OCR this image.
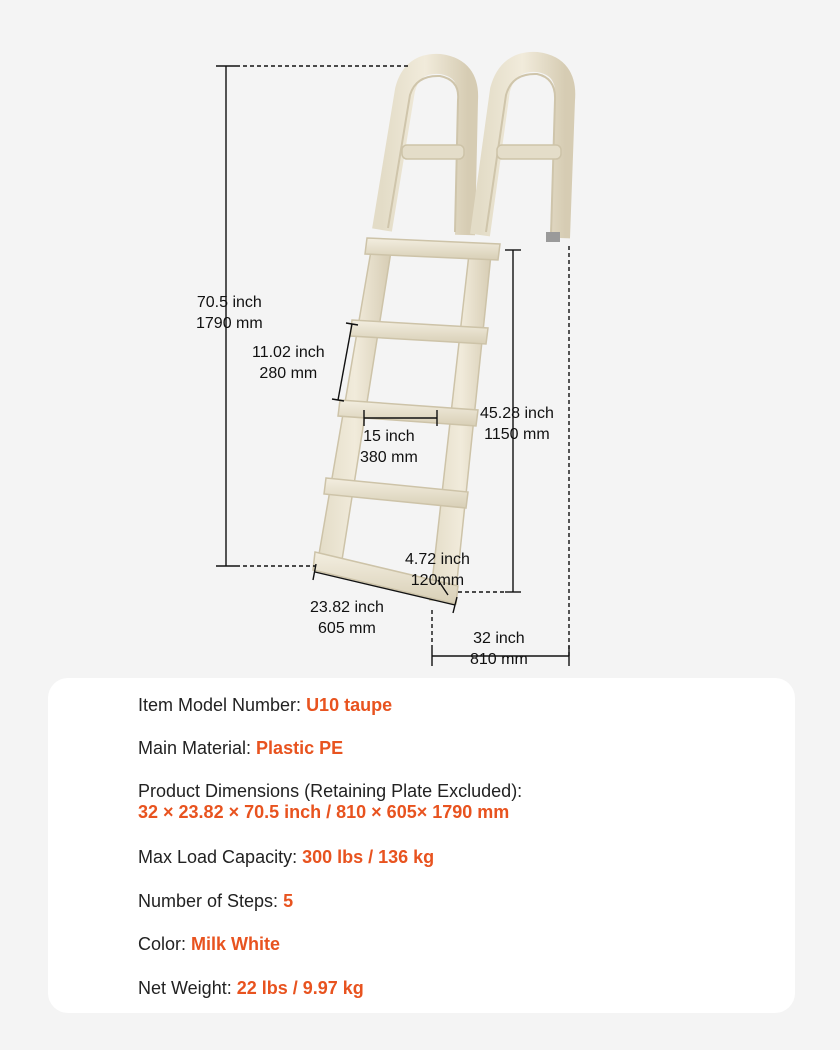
70.5 inch
1790 mm
11.02 inch
280 mm
15 inch
380 mm
45.28 inch
1150 mm
4.72 inch
120mm
23.82 inch
605 mm
32 inch
810 mm
Item Model Number: U10 taupe
Main Material: Plastic PE
Product Dimensions (Retaining Plate Excluded):
32 × 23.82 × 70.5 inch / 810 × 605× 1790 mm
Max Load Capacity: 300 lbs / 136 kg
Number of Steps: 5
Color: Milk White
Net Weight: 22 lbs / 9.97 kg
